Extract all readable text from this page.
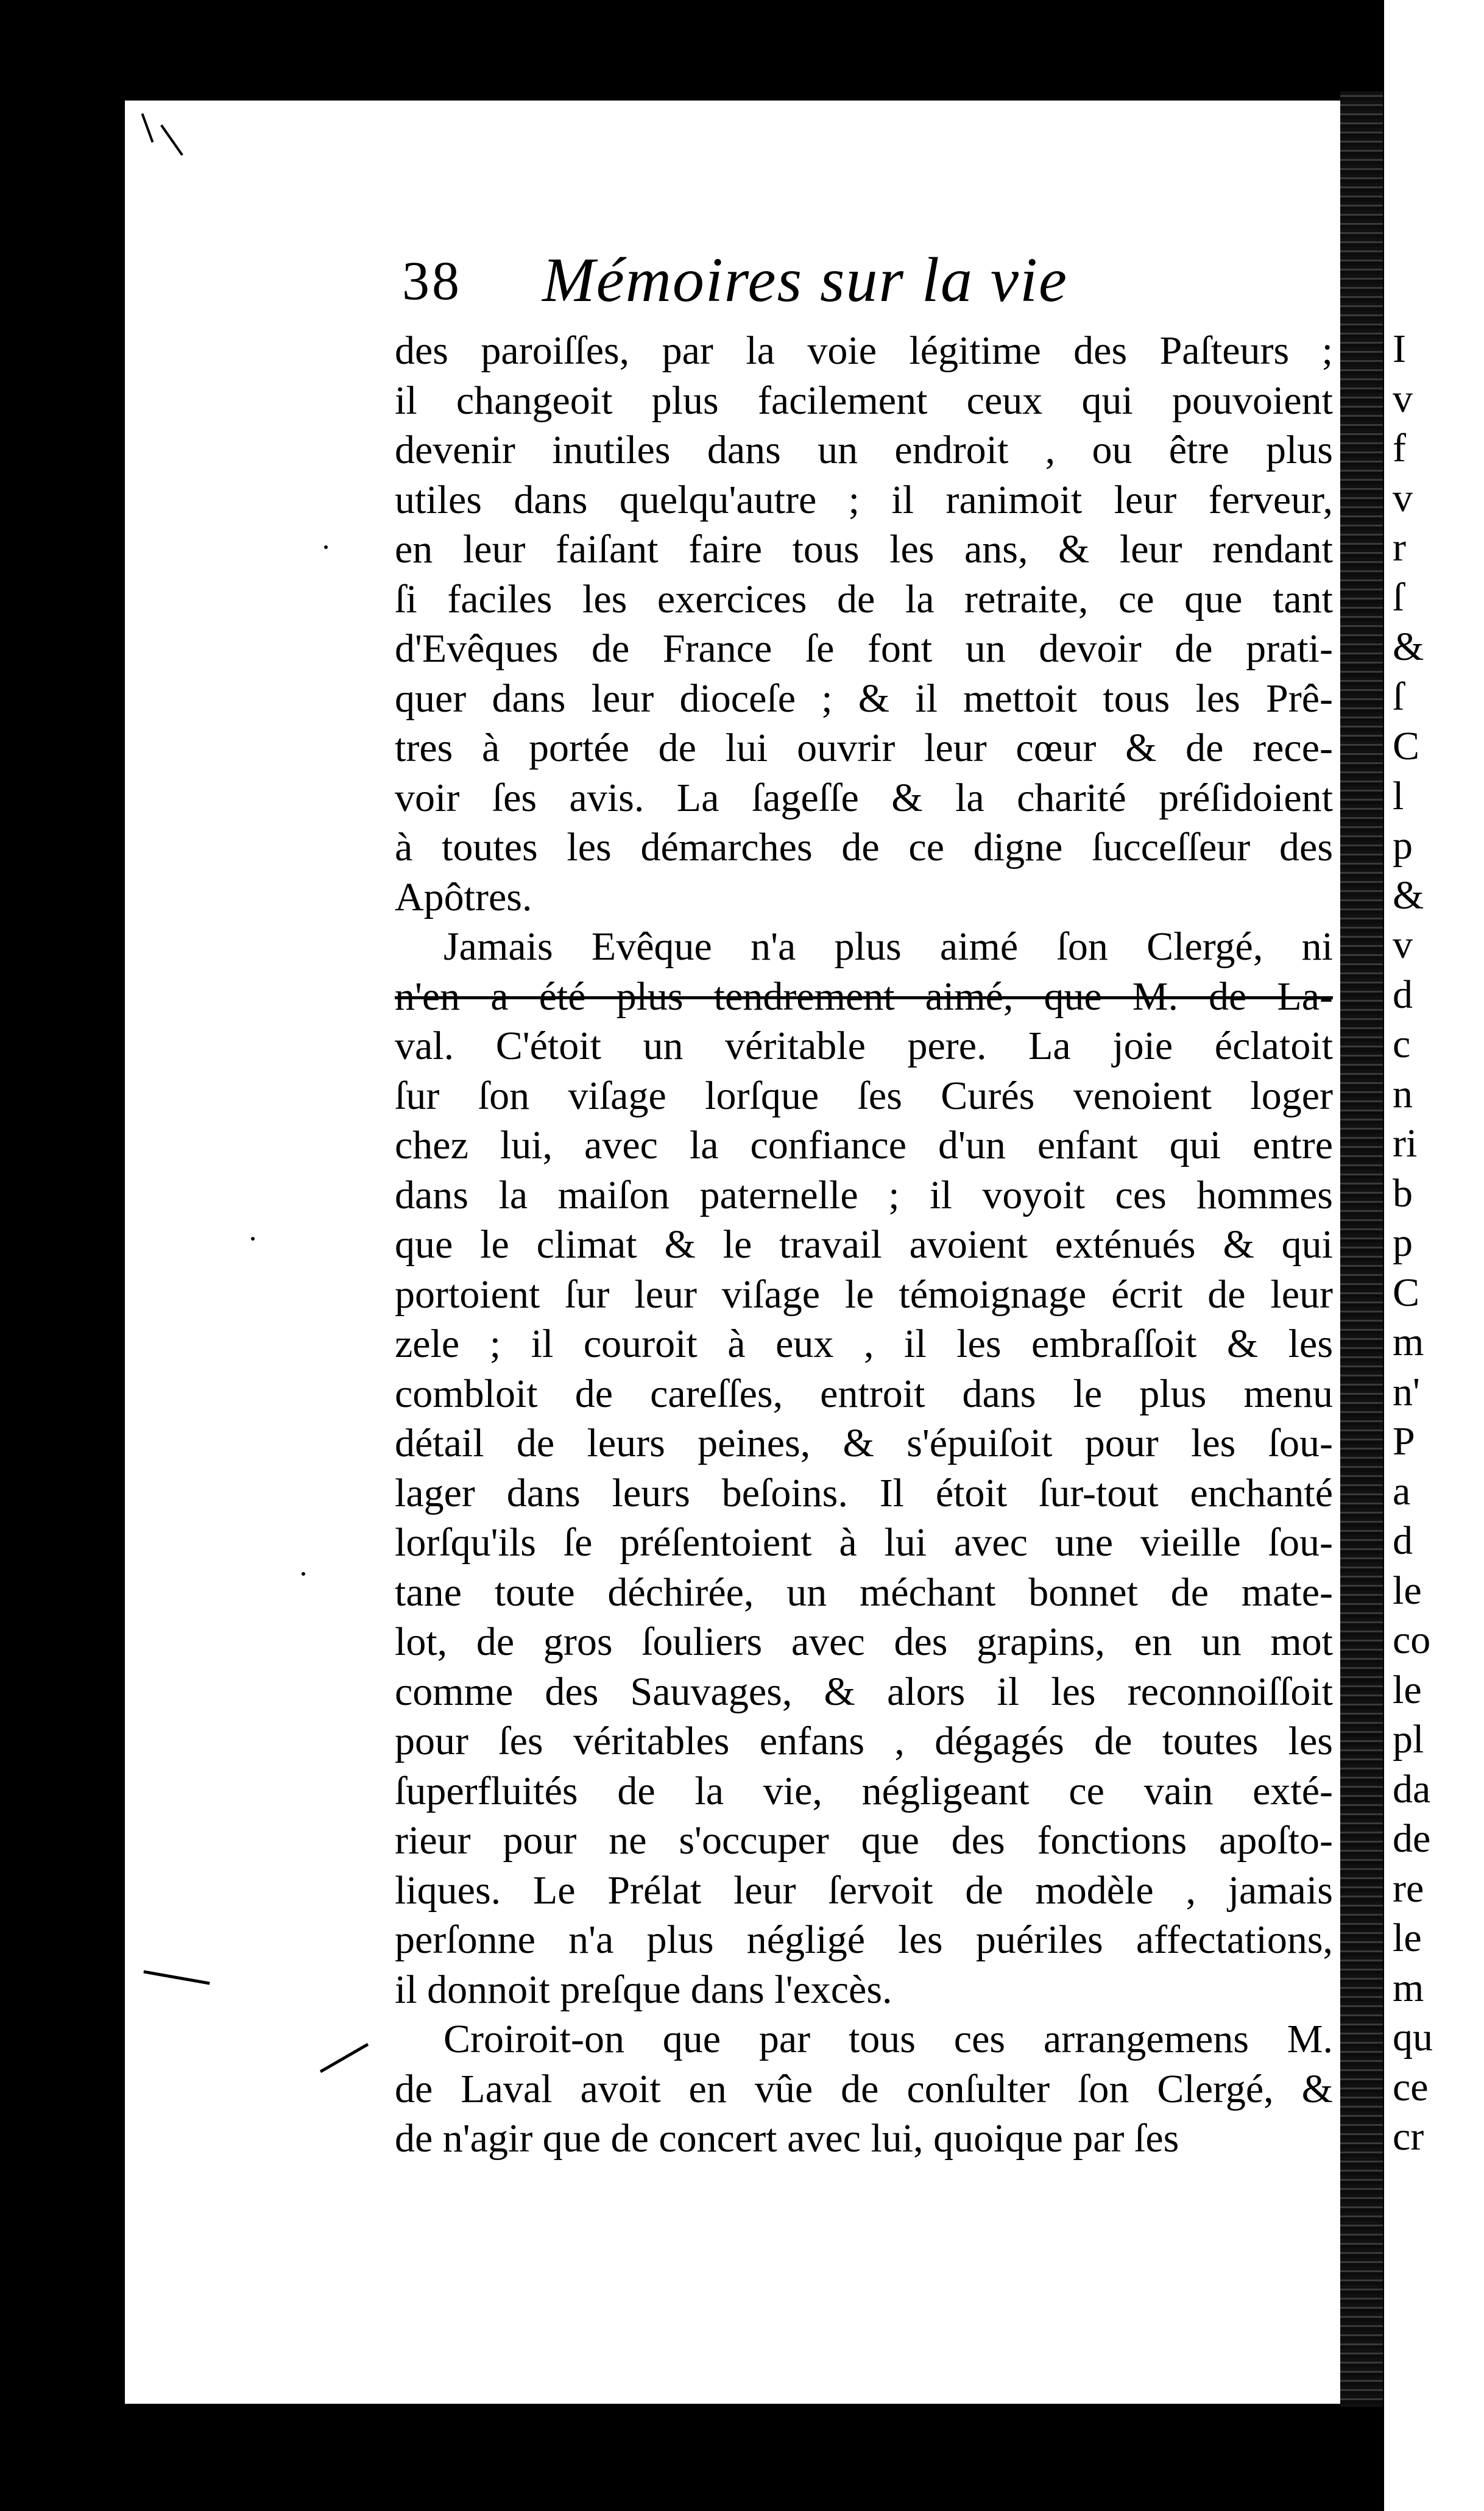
I
v
f
v
r
ſ
&
ſ
C
l
p
&
v
d
c
n
ri
b
p
C
m
n'
P
a
d
le
co
le
pl
da
de
re
le
m
qu
ce
cr
38 Mémoires sur la vie
des paroiſſes, par la voie légitime des Paſteurs ;
il changeoit plus facilement ceux qui pouvoient
devenir inutiles dans un endroit , ou être plus
utiles dans quelqu'autre ; il ranimoit leur ferveur,
en leur faiſant faire tous les ans, & leur rendant
ſi faciles les exercices de la retraite, ce que tant
d'Evêques de France ſe font un devoir de prati-
quer dans leur dioceſe ; & il mettoit tous les Prê-
tres à portée de lui ouvrir leur cœur & de rece-
voir ſes avis. La ſageſſe & la charité préſidoient
à toutes les démarches de ce digne ſucceſſeur des
Apôtres.
Jamais Evêque n'a plus aimé ſon Clergé, ni
n'en a été plus tendrement aimé, que M. de La-
val. C'étoit un véritable pere. La joie éclatoit
ſur ſon viſage lorſque ſes Curés venoient loger
chez lui, avec la confiance d'un enfant qui entre
dans la maiſon paternelle ; il voyoit ces hommes
que le climat & le travail avoient exténués & qui
portoient ſur leur viſage le témoignage écrit de leur
zele ; il couroit à eux , il les embraſſoit & les
combloit de careſſes, entroit dans le plus menu
détail de leurs peines, & s'épuiſoit pour les ſou-
lager dans leurs beſoins. Il étoit ſur-tout enchanté
lorſqu'ils ſe préſentoient à lui avec une vieille ſou-
tane toute déchirée, un méchant bonnet de mate-
lot, de gros ſouliers avec des grapins, en un mot
comme des Sauvages, & alors il les reconnoiſſoit
pour ſes véritables enfans , dégagés de toutes les
ſuperfluités de la vie, négligeant ce vain exté-
rieur pour ne s'occuper que des fonctions apoſto-
liques. Le Prélat leur ſervoit de modèle , jamais
perſonne n'a plus négligé les puériles affectations,
il donnoit preſque dans l'excès.
Croiroit-on que par tous ces arrangemens M.
de Laval avoit en vûe de conſulter ſon Clergé, &
de n'agir que de concert avec lui, quoique par ſes
